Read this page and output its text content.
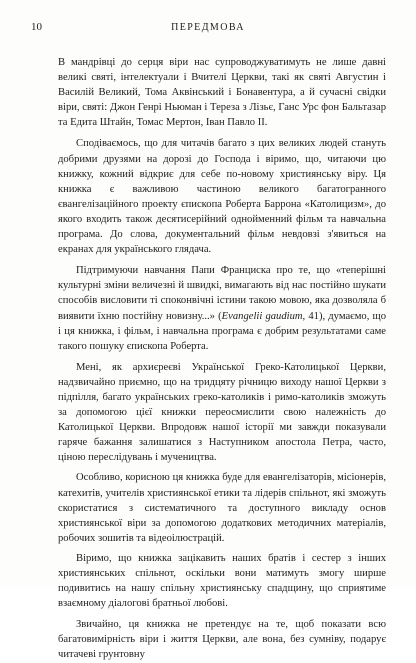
10	ПЕРЕДМОВА

В мандрівці до серця віри нас супроводжуватимуть не лише давні великі святі, інтелектуали і Вчителі Церкви, такі як святі Августин і Василій Великий, Тома Аквінський і Бонавентура, а й сучасні свідки віри, святі: Джон Генрі Ньюман і Тереза з Лізьє, Ганс Урс фон Бальтазар та Едита Штайн, Томас Мертон, Іван Павло II.

Сподіваємось, що для читачів багато з цих великих людей стануть добрими друзями на дорозі до Господа і віримо, що, читаючи цю книжку, кожний відкриє для себе по-новому християнську віру. Ця книжка є важливою частиною великого багатогранного євангелізаційного проекту єпископа Роберта Баррона «Католицизм», до якого входить також десятисерійний однойменний фільм та навчальна програма. До слова, документальний фільм невдовзі з'явиться на екранах для українського глядача.

Підтримуючи навчання Папи Франциска про те, що «теперішні культурні зміни величезні й швидкі, вимагають від нас постійно шукати способів висловити ті споконвічні істини такою мовою, яка дозволяла б виявити їхню постійну новизну...» (Evangelii gaudium, 41), думаємо, що і ця книжка, і фільм, і навчальна програма є добрим результатами саме такого пошуку єпископа Роберта.

Мені, як архиєреєві Української Греко-Католицької Церкви, надзвичайно приємно, що на тридцяту річницю виходу нашої Церкви з підпілля, багато українських греко-католиків і римо-католиків зможуть за допомогою цієї книжки переосмислити свою належність до Католицької Церкви. Впродовж нашої історії ми завжди показували гаряче бажання залишатися з Наступником апостола Петра, часто, ціною переслідувань і мучеництва.

Особливо, корисною ця книжка буде для евангелізаторів, місіонерів, катехитів, учителів християнської етики та лідерів спільнот, які зможуть скористатися з систематичного та доступного викладу основ християнської віри за допомогою додаткових методичних матеріалів, робочих зошитів та відеоілюстрацій.

Віримо, що книжка зацікавить наших братів і сестер з інших християнських спільнот, оскільки вони матимуть змогу ширше подивитись на нашу спільну християнську спадщину, що сприятиме взаємному діалогові братньої любові.

Звичайно, ця книжка не претендує на те, щоб показати всю багатовимірність віри і життя Церкви, але вона, без сумніву, подарує читачеві грунтовну
